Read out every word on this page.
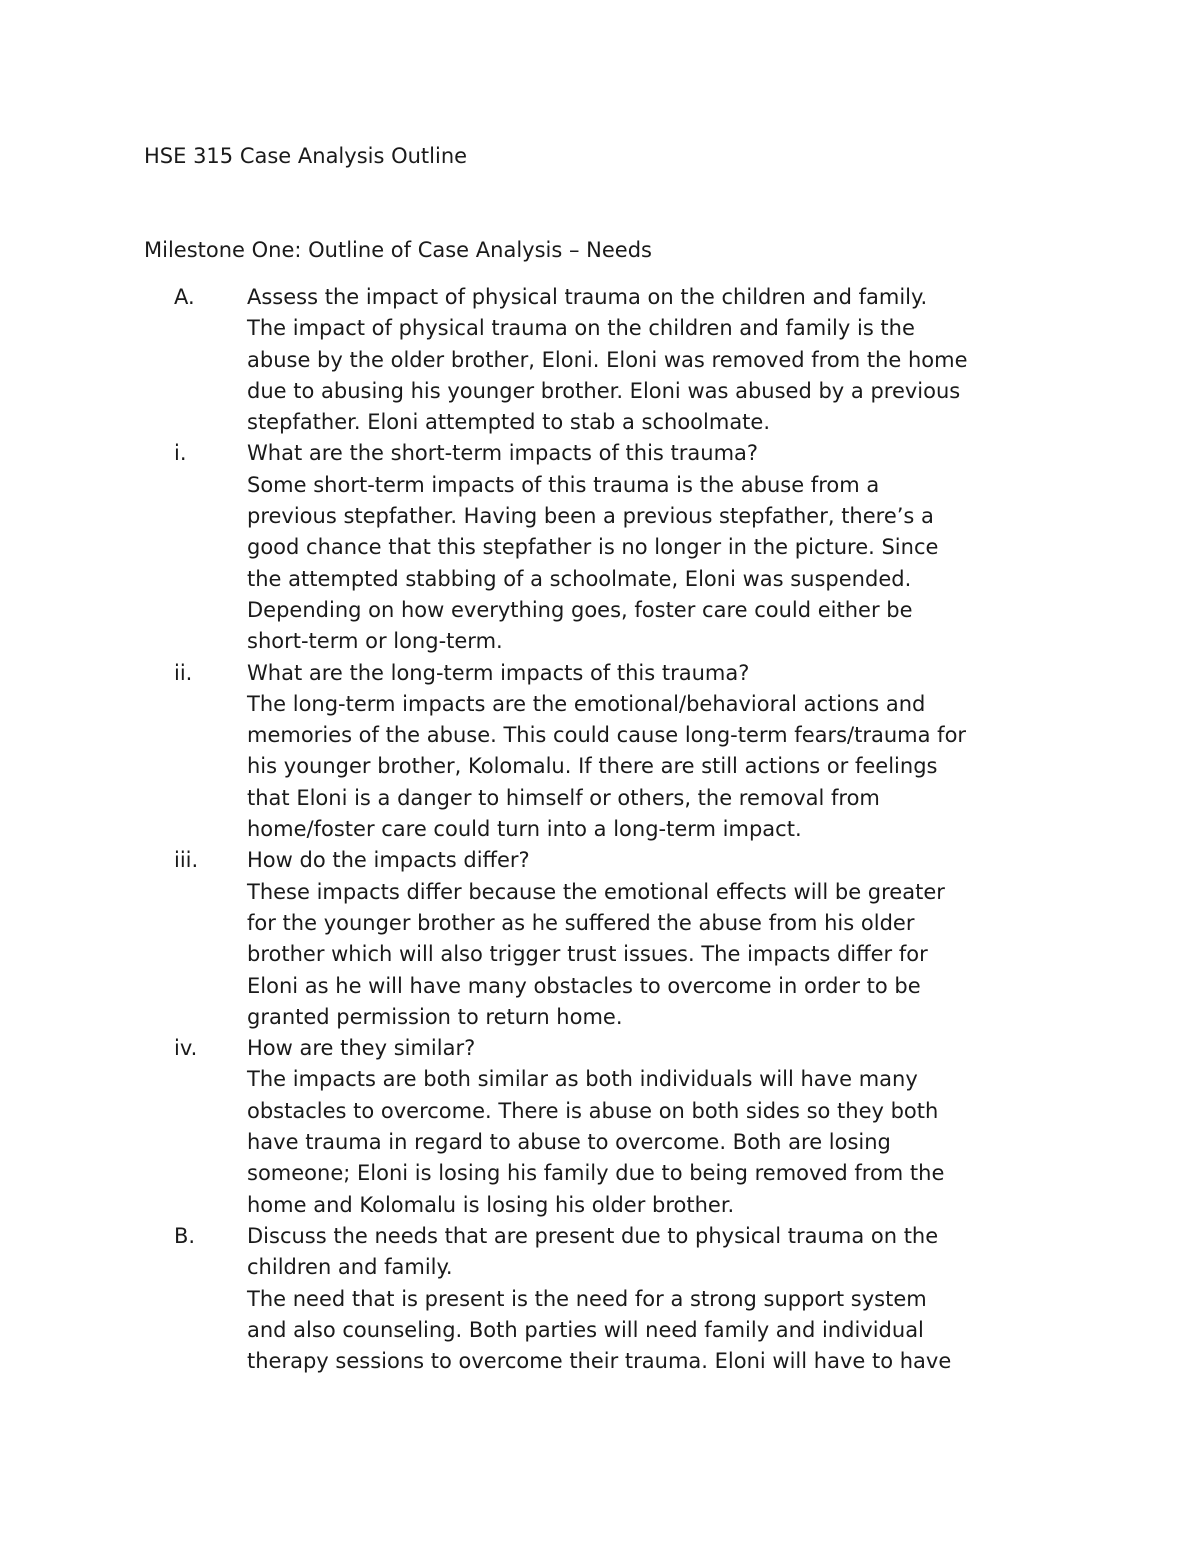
HSE 315 Case Analysis Outline
Milestone One: Outline of Case Analysis – Needs
A. Assess the impact of physical trauma on the children and family.
The impact of physical trauma on the children and family is the
abuse by the older brother, Eloni. Eloni was removed from the home
due to abusing his younger brother. Eloni was abused by a previous
stepfather. Eloni attempted to stab a schoolmate.
i.	What are the short-term impacts of this trauma?
Some short-term impacts of this trauma is the abuse from a
previous stepfather. Having been a previous stepfather, there’s a
good chance that this stepfather is no longer in the picture. Since
the attempted stabbing of a schoolmate, Eloni was suspended.
Depending on how everything goes, foster care could either be
short-term or long-term.
ii.	What are the long-term impacts of this trauma?
The long-term impacts are the emotional/behavioral actions and
memories of the abuse. This could cause long-term fears/trauma for
his younger brother, Kolomalu. If there are still actions or feelings
that Eloni is a danger to himself or others, the removal from
home/foster care could turn into a long-term impact.
iii. How do the impacts differ?
These impacts differ because the emotional effects will be greater
for the younger brother as he suffered the abuse from his older
brother which will also trigger trust issues. The impacts differ for
Eloni as he will have many obstacles to overcome in order to be
granted permission to return home.
iv. How are they similar?
The impacts are both similar as both individuals will have many
obstacles to overcome. There is abuse on both sides so they both
have trauma in regard to abuse to overcome. Both are losing
someone; Eloni is losing his family due to being removed from the
home and Kolomalu is losing his older brother.
B. Discuss the needs that are present due to physical trauma on the
children and family.
The need that is present is the need for a strong support system
and also counseling. Both parties will need family and individual
therapy sessions to overcome their trauma. Eloni will have to have
